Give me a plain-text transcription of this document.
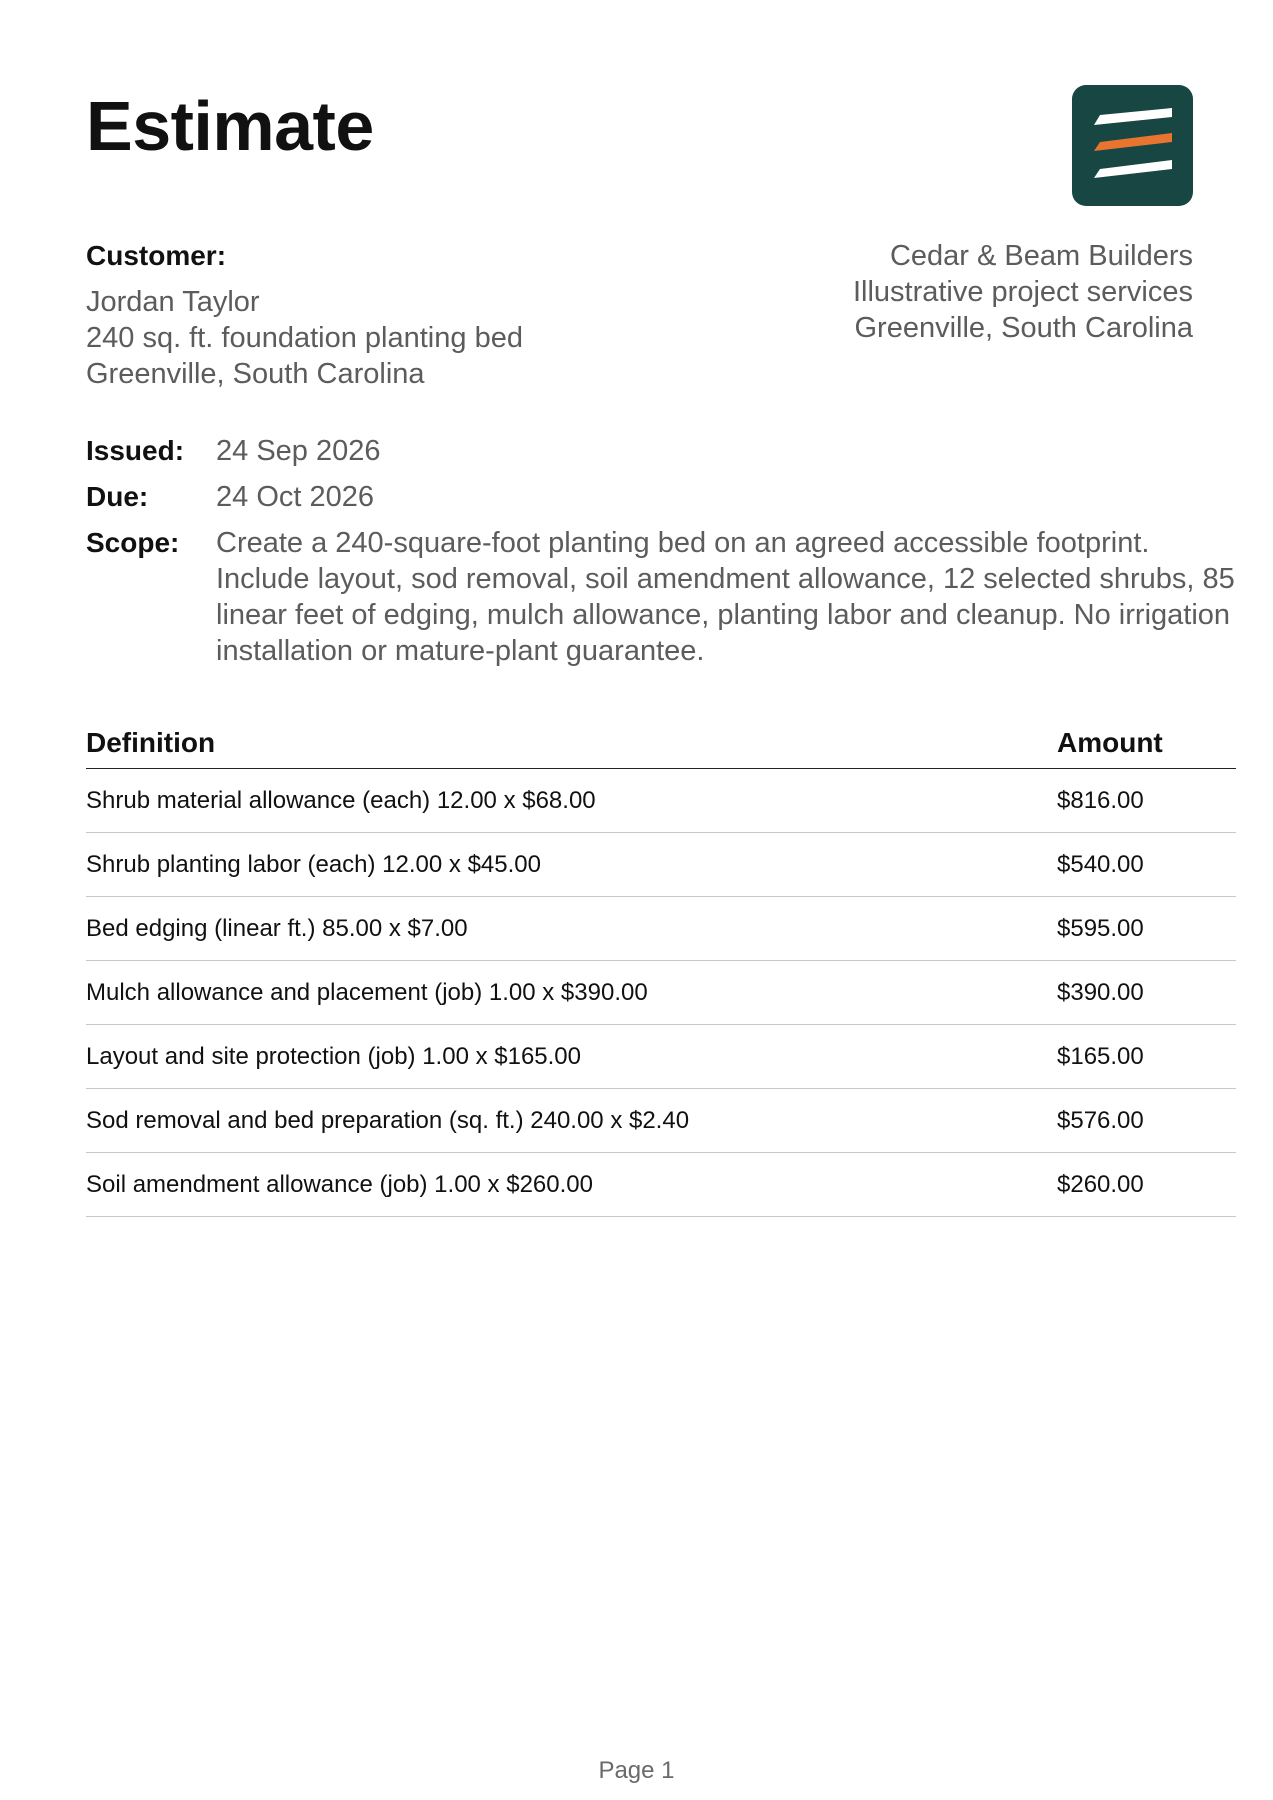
Estimate
Customer:
Jordan Taylor
240 sq. ft. foundation planting bed
Greenville, South Carolina
Cedar & Beam Builders
Illustrative project services
Greenville, South Carolina
Issued:	24 Sep 2026
Due:	24 Oct 2026
Scope:	Create a 240-square-foot planting bed on an agreed accessible footprint. Include layout, sod removal, soil amendment allowance, 12 selected shrubs, 85 linear feet of edging, mulch allowance, planting labor and cleanup. No irrigation installation or mature-plant guarantee.
Definition	Amount
Shrub material allowance (each) 12.00 x $68.00	$816.00
Shrub planting labor (each) 12.00 x $45.00	$540.00
Bed edging (linear ft.) 85.00 x $7.00	$595.00
Mulch allowance and placement (job) 1.00 x $390.00	$390.00
Layout and site protection (job) 1.00 x $165.00	$165.00
Sod removal and bed preparation (sq. ft.) 240.00 x $2.40	$576.00
Soil amendment allowance (job) 1.00 x $260.00	$260.00
Page 1
